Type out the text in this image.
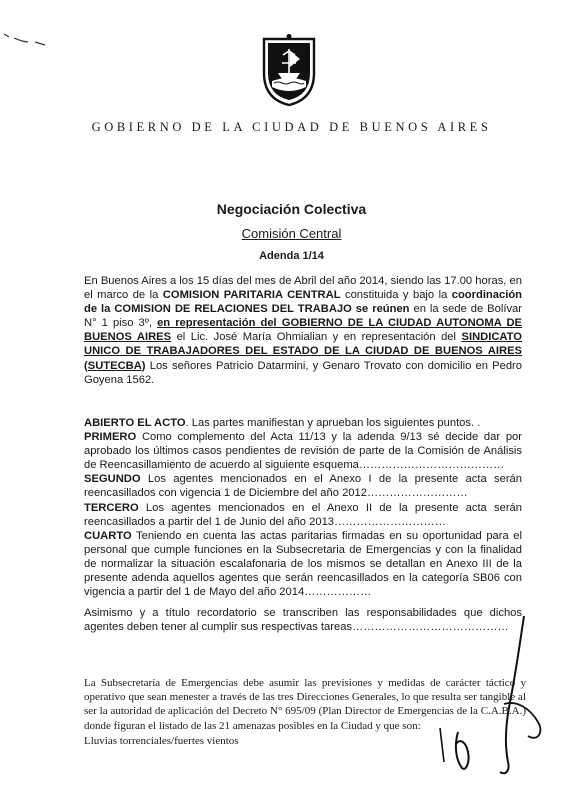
GOBIERNO DE LA CIUDAD DE BUENOS AIRES
Negociación Colectiva
Comisión Central
Adenda 1/14
En Buenos Aires a los 15 días del mes de Abril del año 2014, siendo las 17.00 horas, en el marco de la COMISION PARITARIA CENTRAL constituida y bajo la coordinación de la COMISION DE RELACIONES DEL TRABAJO se reúnen en la sede de Bolívar N° 1 piso 3º, en representación del GOBIERNO DE LA CIUDAD AUTONOMA DE BUENOS AIRES el Lic. José María Ohmialian y en representación del SINDICATO UNICO DE TRABAJADORES DEL ESTADO DE LA CIUDAD DE BUENOS AIRES (SUTECBA) Los señores Patricio Datarmini, y Genaro Trovato con domicilio en Pedro Goyena 1562.

ABIERTO EL ACTO. Las partes manifiestan y aprueban los siguientes puntos. .

PRIMERO Como complemento del Acta 11/13 y la adenda 9/13 sé decide dar por aprobado los últimos casos pendientes de revisión de parte de la Comisión de Análisis de Reencasillamiento de acuerdo al siguiente esquema…………………………………

SEGUNDO Los agentes mencionados en el Anexo I de la presente acta serán reencasillados con vigencia 1 de Diciembre del año 2012………………………

TERCERO Los agentes mencionados en el Anexo II de la presente acta serán reencasillados a partir del 1 de Junio del año 2013…………………………

CUARTO Teniendo en cuenta las actas paritarias firmadas en su oportunidad para el personal que cumple funciones en la Subsecretaria de Emergencias y con la finalidad de normalizar la situación escalafonaria de los mismos se detallan en Anexo III de la presente adenda aquellos agentes que serán reencasillados en la categoría SB06 con vigencia a partir del 1 de Mayo del año 2014………………

Asimismo y a título recordatorio se transcriben las responsabilidades que dichos agentes deben tener al cumplir sus respectivas tareas……………………………………

La Subsecretaría de Emergencias debe asumir las previsiones y medidas de carácter táctico y operativo que sean menester a través de las tres Direcciones Generales, lo que resulta ser tangible al ser la autoridad de aplicación del Decreto N° 695/09 (Plan Director de Emergencias de la C.A.B.A.) donde figuran el listado de las 21 amenazas posibles en la Ciudad y que son:
Lluvias torrenciales/fuertes vientos
